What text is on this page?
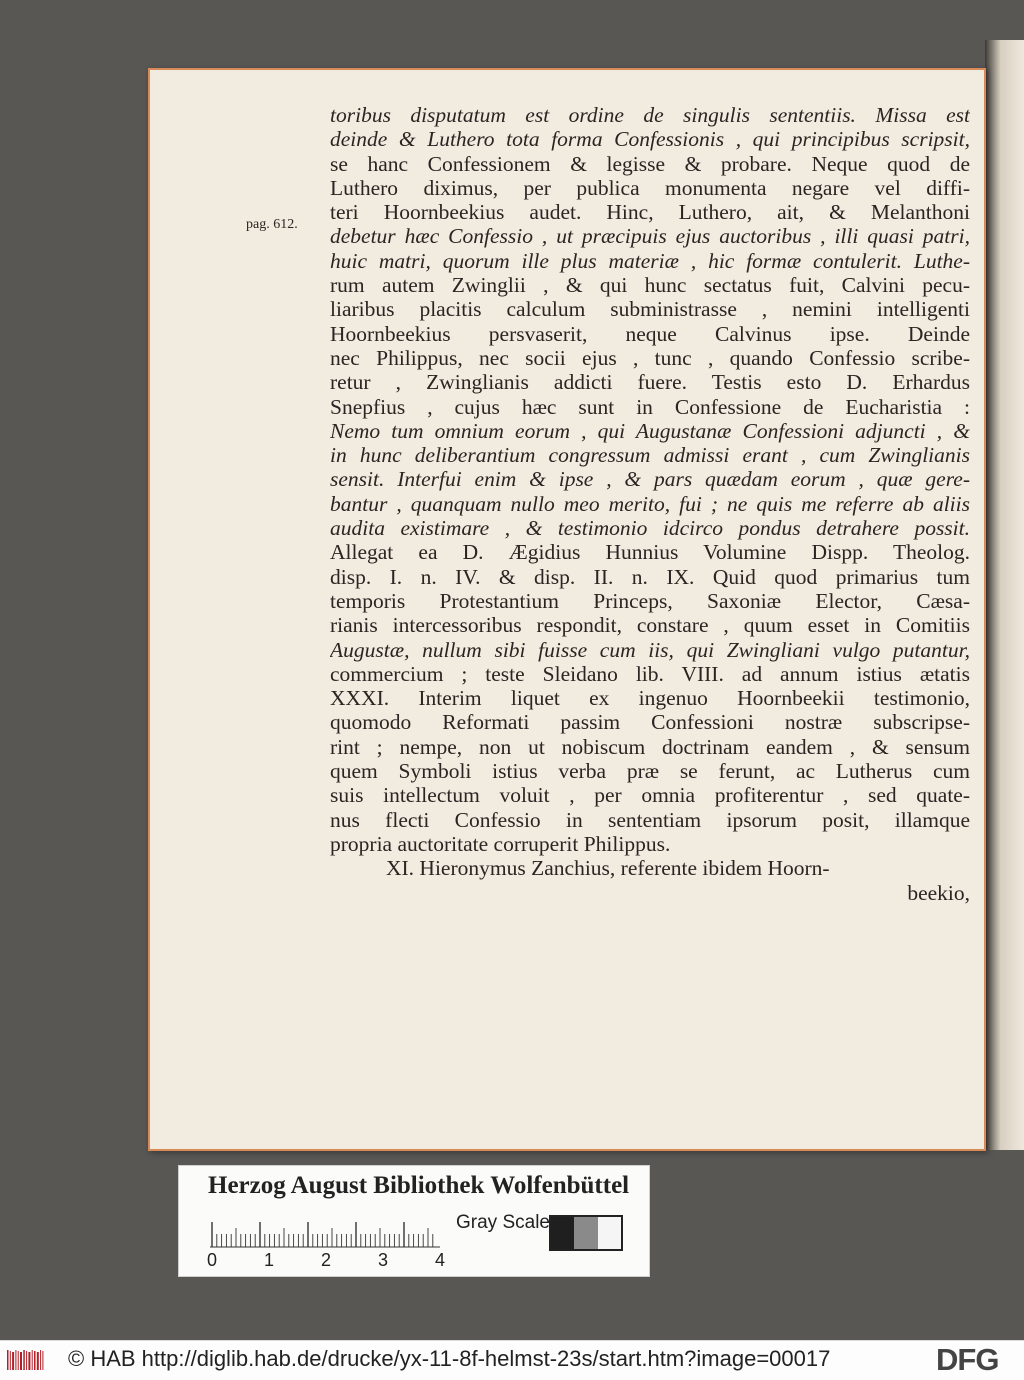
pag. 612.
toribus disputatum est ordine de singulis sententiis. Missa est
deinde & Luthero tota forma Confessionis , qui principibus scripsit,
se hanc Confessionem & legisse & probare. Neque quod de
Luthero diximus, per publica monumenta negare vel diffi-
teri Hoornbeekius audet. Hinc, Luthero, ait, & Melanthoni
debetur hæc Confessio , ut præcipuis ejus auctoribus , illi quasi patri,
huic matri, quorum ille plus materiæ , hic formæ contulerit. Luthe-
rum autem Zwinglii , & qui hunc sectatus fuit, Calvini pecu-
liaribus placitis calculum subministrasse , nemini intelligenti
Hoornbeekius persvaserit, neque Calvinus ipse. Deinde
nec Philippus, nec socii ejus , tunc , quando Confessio scribe-
retur , Zwinglianis addicti fuere. Testis esto D. Erhardus
Snepfius , cujus hæc sunt in Confessione de Eucharistia :
Nemo tum omnium eorum , qui Augustanæ Confessioni adjuncti , &
in hunc deliberantium congressum admissi erant , cum Zwinglianis
sensit. Interfui enim & ipse , & pars quædam eorum , quæ gere-
bantur , quanquam nullo meo merito, fui ; ne quis me referre ab aliis
audita existimare , & testimonio idcirco pondus detrahere possit.
Allegat ea D. Ægidius Hunnius Volumine Dispp. Theolog.
disp. I. n. IV. & disp. II. n. IX. Quid quod primarius tum
temporis Protestantium Princeps, Saxoniæ Elector, Cæsa-
rianis intercessoribus respondit, constare , quum esset in Comitiis
Augustæ, nullum sibi fuisse cum iis, qui Zwingliani vulgo putantur,
commercium ; teste Sleidano lib. VIII. ad annum istius ætatis
XXXI. Interim liquet ex ingenuo Hoornbeekii testimonio,
quomodo Reformati passim Confessioni nostræ subscripse-
rint ; nempe, non ut nobiscum doctrinam eandem , & sensum
quem Symboli istius verba præ se ferunt, ac Lutherus cum
suis intellectum voluit , per omnia profiterentur , sed quate-
nus flecti Confessio in sententiam ipsorum posit, illamque
propria auctoritate corruperit Philippus.
XI. Hieronymus Zanchius, referente ibidem Hoorn-
beekio,
Herzog August Bibliothek Wolfenbüttel
0	1	2	3	4
Gray Scale
© HAB http://diglib.hab.de/drucke/yx-11-8f-helmst-23s/start.htm?image=00017	DFG
